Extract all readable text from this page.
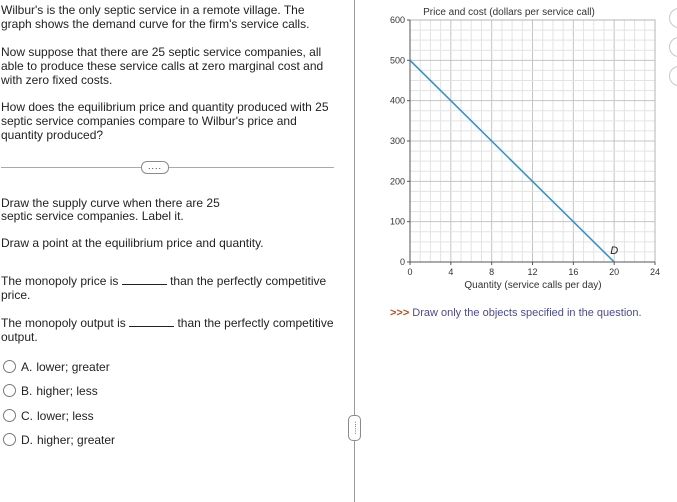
Wilbur's is the only septic service in a remote village. The

graph shows the demand curve for the firm's service calls.

Now suppose that there are 25 septic service companies, all

able to produce these service calls at zero marginal cost and

with zero fixed costs.

How does the equilibrium price and quantity produced with 25

septic service companies compare to Wilbur's price and

quantity produced?

....

Draw the supply curve when there are 25

septic service companies. Label it.

Draw a point at the equilibrium price and quantity.

The monopoly price is	than the perfectly competitive

price.

The monopoly output is	than the perfectly competitive

output.

A. lower; greater
B. higher; less
C. lower; less
D. higher; greater
......
Price and cost (dollars per service call)
0
100
200
300
400
500
600
0	4	8	12	16	20	24
D
Quantity (service calls per day)
>>> Draw only the objects specified in the question.
